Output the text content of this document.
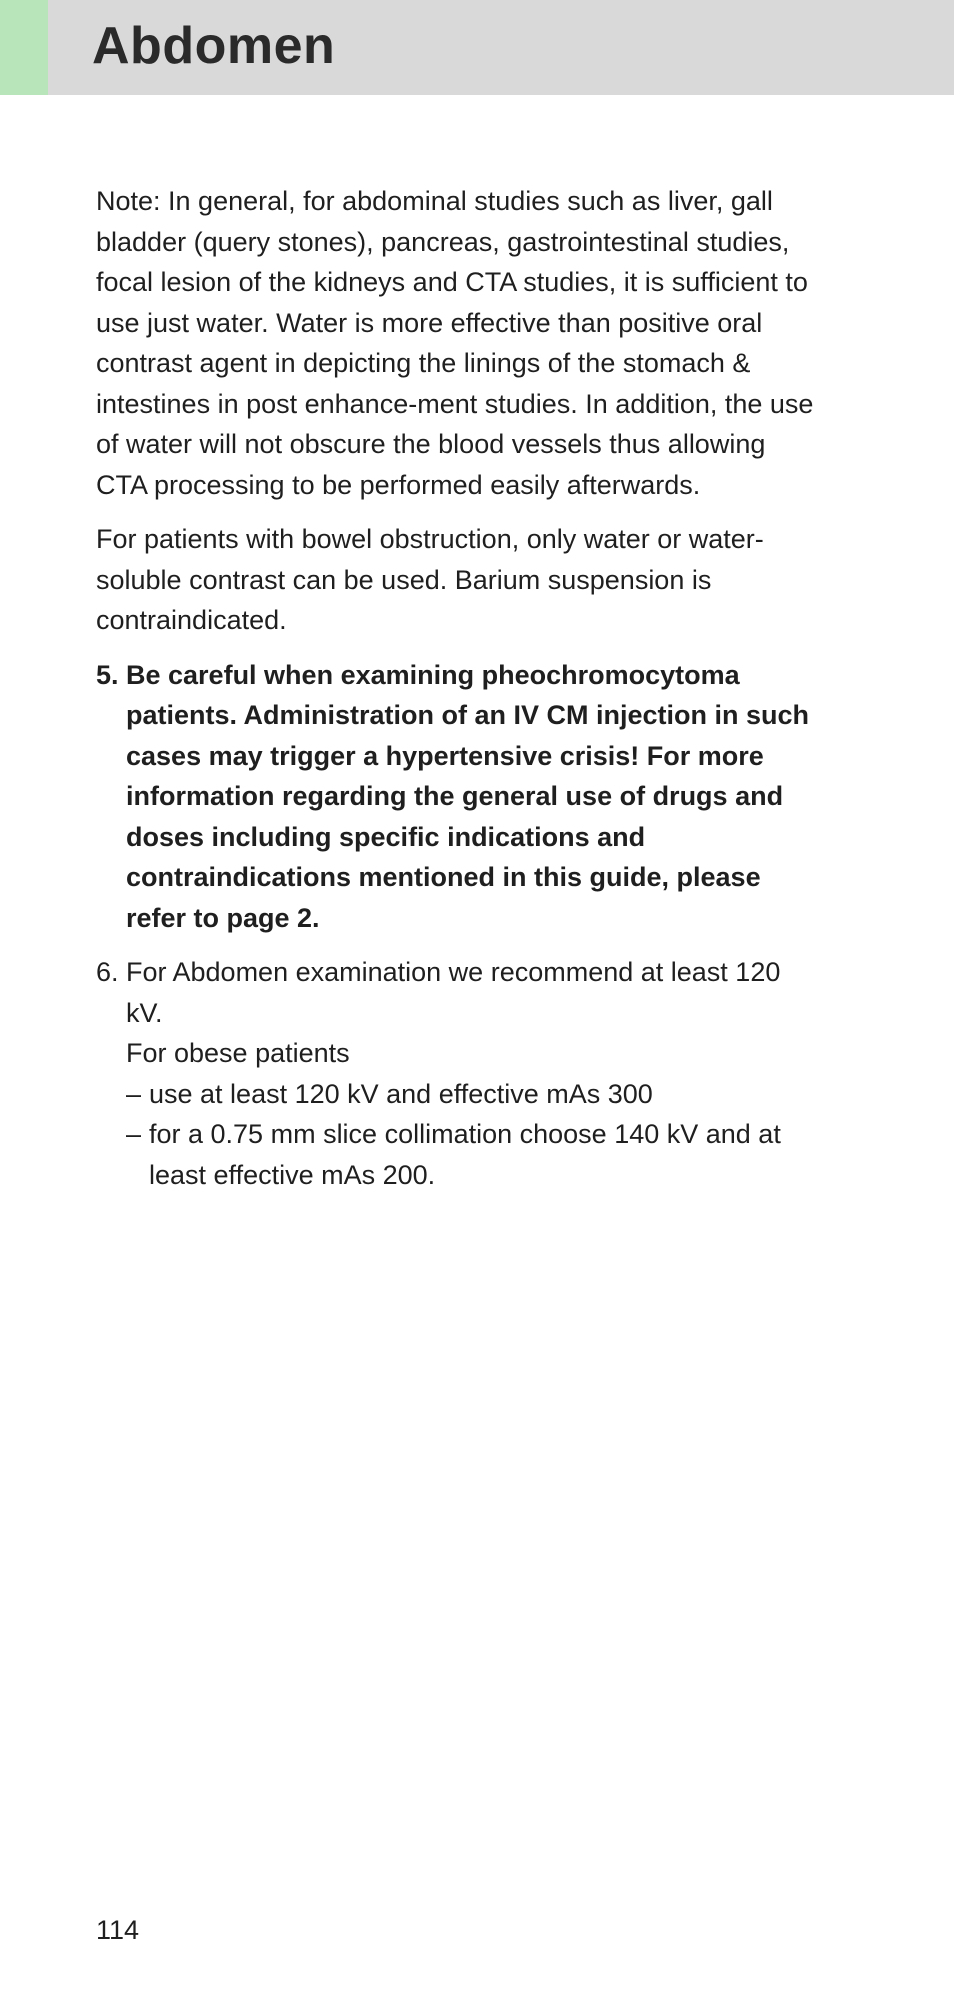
Abdomen

Note: In general, for abdominal studies such as liver, gall bladder (query stones), pancreas, gastrointestinal studies, focal lesion of the kidneys and CTA studies, it is sufficient to use just water. Water is more effective than positive oral contrast agent in depicting the linings of the stomach & intestines in post enhance-ment studies. In addition, the use of water will not obscure the blood vessels thus allowing CTA processing to be performed easily afterwards.

For patients with bowel obstruction, only water or water-soluble contrast can be used. Barium suspension is contraindicated.

5. Be careful when examining pheochromocytoma patients. Administration of an IV CM injection in such cases may trigger a hypertensive crisis! For more information regarding the general use of drugs and doses including specific indications and contraindications mentioned in this guide, please refer to page 2.
6. For Abdomen examination we recommend at least 120 kV.
For obese patients
– use at least 120 kV and effective mAs 300
– for a 0.75 mm slice collimation choose 140 kV and at least effective mAs 200.
114
